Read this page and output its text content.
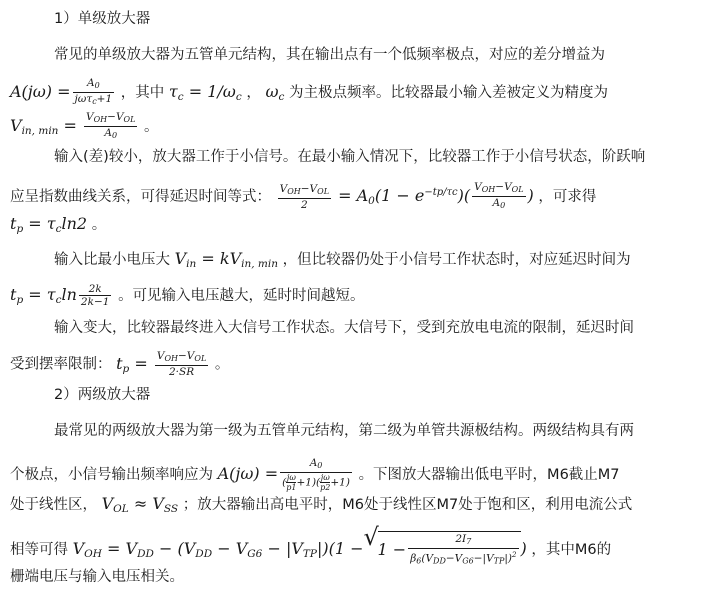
1）单级放大器
常见的单级放大器为五管单元结构，其在输出点有一个低频率极点，对应的差分增益为
$A(j\omega) = \frac{A0}{\text{jωτc+1}}$ ，其中 $\tau_c = 1/\omega_c$ ， $\omega_c$ 为主极点频率。比较器最小输入差被定义为精度为
$V_{in, min} = \frac{\text{VOH−VOL}}{A0}$ 。
输入(差)较小，放大器工作于小信号。在最小输入情况下，比较器工作于小信号状态，阶跃响
应呈指数曲线关系，可得延迟时间等式： $\frac{\text{VOH−VOL}}{2} = A_0(1 - e^{-tp/\tau c})( \frac{\text{VOH−VOL}}{A0}$ ) ，可求得
$t_p = \tau_c\ln 2$ 。
输入比最小电压大 $V_{in} = kV_{in, min}$ ，但比较器仍处于小信号工作状态时，对应延迟时间为
$t_p = \tau_c\ln \frac{2k}{2k-1}$ 。可见输入电压越大，延时时间越短。
输入变大，比较器最终进入大信号工作状态。大信号下，受到充放电电流的限制，延迟时间
受到摆率限制： $t_p = \frac{\text{VOH−VOL}}{2\cdot SR}$ 。
2）两级放大器
最常见的两级放大器为第一级为五管单元结构，第二级为单管共源极结构。两级结构具有两
个极点，小信号输出频率响应为 $A(j\omega) = \frac{A0}{( \frac{j\omega}{p1}+1)( \frac{j\omega}{p2}+1)}$ 。下图放大器输出低电平时，M6截止M7
处于线性区， $V_{OL} \approx V_{SS}$ ；放大器输出高电平时，M6处于线性区M7处于饱和区，利用电流公式
相等可得 $V_{OH} = V_{DD} - (V_{DD} - V_{G6} - |V_{TP}|)(1$ − √
$1 - \frac{2I7}{\beta 6(VDD-VG6-|VTP|)^2}$ ) ，其中M6的
栅端电压与输入电压相关。
